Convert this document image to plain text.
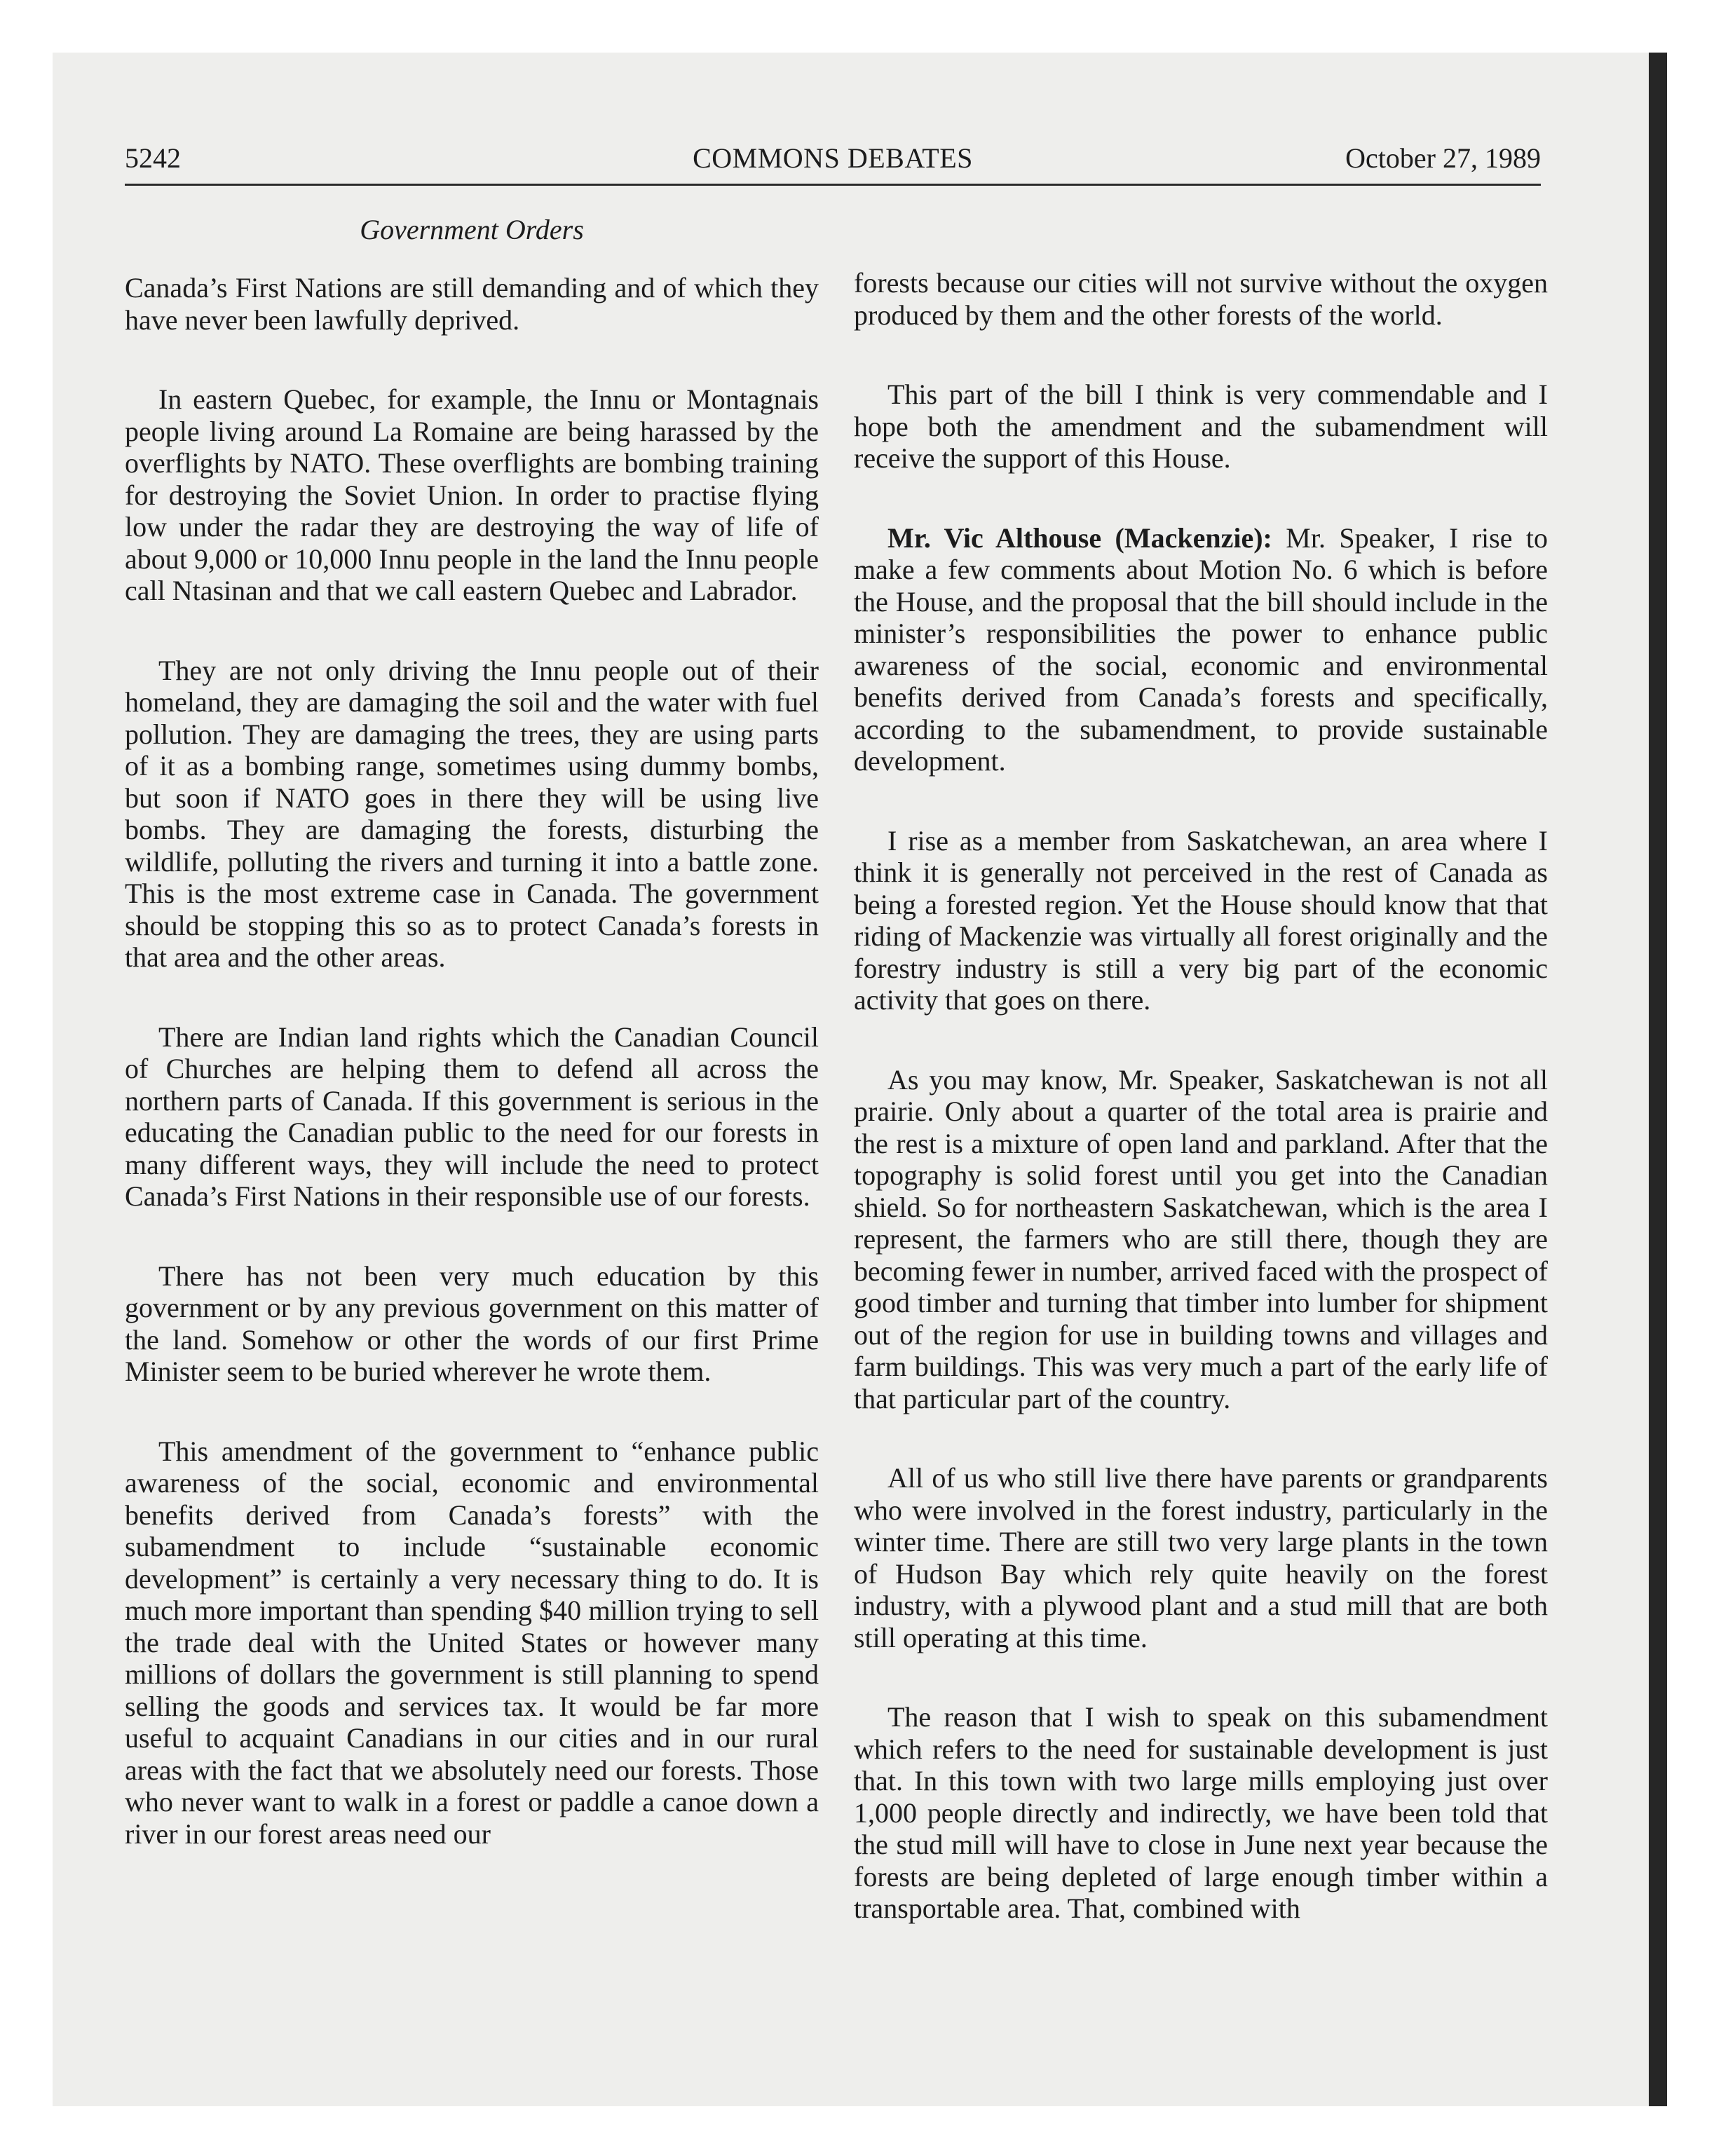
5242	COMMONS DEBATES	October 27, 1989
Government Orders

Canada’s First Nations are still demanding and of which they have never been lawfully deprived.

In eastern Quebec, for example, the Innu or Montagnais people living around La Romaine are being harassed by the overflights by NATO. These overflights are bombing training for destroying the Soviet Union. In order to practise flying low under the radar they are destroying the way of life of about 9,000 or 10,000 Innu people in the land the Innu people call Ntasinan and that we call eastern Quebec and Labrador.

They are not only driving the Innu people out of their homeland, they are damaging the soil and the water with fuel pollution. They are damaging the trees, they are using parts of it as a bombing range, sometimes using dummy bombs, but soon if NATO goes in there they will be using live bombs. They are damaging the forests, disturbing the wildlife, polluting the rivers and turning it into a battle zone. This is the most extreme case in Canada. The government should be stopping this so as to protect Canada’s forests in that area and the other areas.

There are Indian land rights which the Canadian Council of Churches are helping them to defend all across the northern parts of Canada. If this government is serious in the educating the Canadian public to the need for our forests in many different ways, they will include the need to protect Canada’s First Nations in their responsible use of our forests.

There has not been very much education by this government or by any previous government on this matter of the land. Somehow or other the words of our first Prime Minister seem to be buried wherever he wrote them.

This amendment of the government to “enhance public awareness of the social, economic and environmental benefits derived from Canada’s forests” with the subamendment to include “sustainable economic development” is certainly a very necessary thing to do. It is much more important than spending $40 million trying to sell the trade deal with the United States or however many millions of dollars the government is still planning to spend selling the goods and services tax. It would be far more useful to acquaint Canadians in our cities and in our rural areas with the fact that we absolutely need our forests. Those who never want to walk in a forest or paddle a canoe down a river in our forest areas need our

forests because our cities will not survive without the oxygen produced by them and the other forests of the world.

This part of the bill I think is very commendable and I hope both the amendment and the subamendment will receive the support of this House.

Mr. Vic Althouse (Mackenzie): Mr. Speaker, I rise to make a few comments about Motion No. 6 which is before the House, and the proposal that the bill should include in the minister’s responsibilities the power to enhance public awareness of the social, economic and environmental benefits derived from Canada’s forests and specifically, according to the subamendment, to provide sustainable development.

I rise as a member from Saskatchewan, an area where I think it is generally not perceived in the rest of Canada as being a forested region. Yet the House should know that that riding of Mackenzie was virtually all forest originally and the forestry industry is still a very big part of the economic activity that goes on there.

As you may know, Mr. Speaker, Saskatchewan is not all prairie. Only about a quarter of the total area is prairie and the rest is a mixture of open land and parkland. After that the topography is solid forest until you get into the Canadian shield. So for northeastern Saskatchewan, which is the area I represent, the farmers who are still there, though they are becoming fewer in number, arrived faced with the prospect of good timber and turning that timber into lumber for shipment out of the region for use in building towns and villages and farm buildings. This was very much a part of the early life of that particular part of the country.

All of us who still live there have parents or grandparents who were involved in the forest industry, particularly in the winter time. There are still two very large plants in the town of Hudson Bay which rely quite heavily on the forest industry, with a plywood plant and a stud mill that are both still operating at this time.

The reason that I wish to speak on this subamendment which refers to the need for sustainable development is just that. In this town with two large mills employing just over 1,000 people directly and indirectly, we have been told that the stud mill will have to close in June next year because the forests are being depleted of large enough timber within a transportable area. That, combined with
